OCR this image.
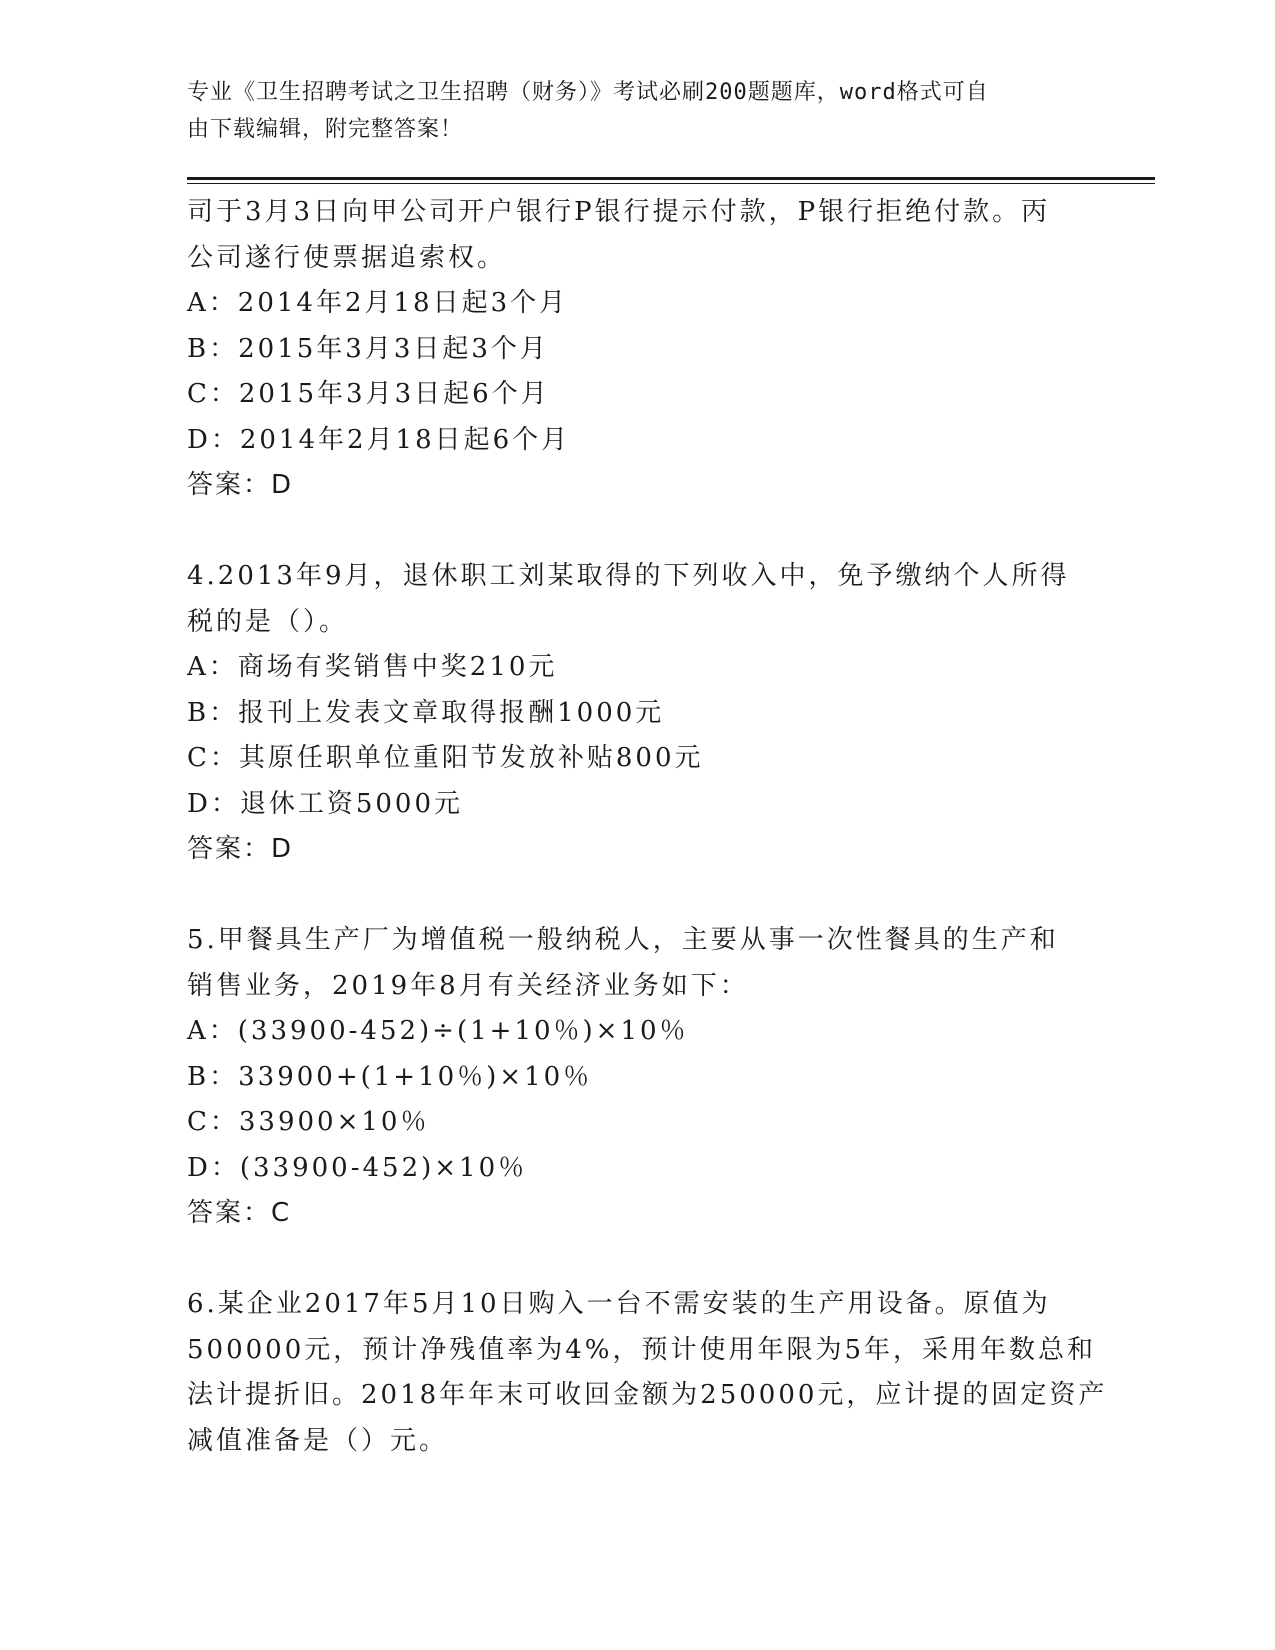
专业《卫生招聘考试之卫生招聘（财务）》考试必刷200题题库，word格式可自
由下载编辑，附完整答案！
司于3月3日向甲公司开户银行P银行提示付款，P银行拒绝付款。丙
公司遂行使票据追索权。
A：2014年2月18日起3个月
B：2015年3月3日起3个月
C：2015年3月3日起6个月
D：2014年2月18日起6个月
答案：D
4.2013年9月，退休职工刘某取得的下列收入中，免予缴纳个人所得
税的是（）。
A：商场有奖销售中奖210元
B：报刊上发表文章取得报酬1000元
C：其原任职单位重阳节发放补贴800元
D：退休工资5000元
答案：D
5.甲餐具生产厂为增值税一般纳税人，主要从事一次性餐具的生产和
销售业务，2019年8月有关经济业务如下：
A：(33900-452)÷(1+10％)×10％
B：33900+(1+10％)×10％
C：33900×10％
D：(33900-452)×10％
答案：C
6.某企业2017年5月10日购入一台不需安装的生产用设备。原值为
500000元，预计净残值率为4%，预计使用年限为5年，采用年数总和
法计提折旧。2018年年末可收回金额为250000元，应计提的固定资产
减值准备是（）元。
